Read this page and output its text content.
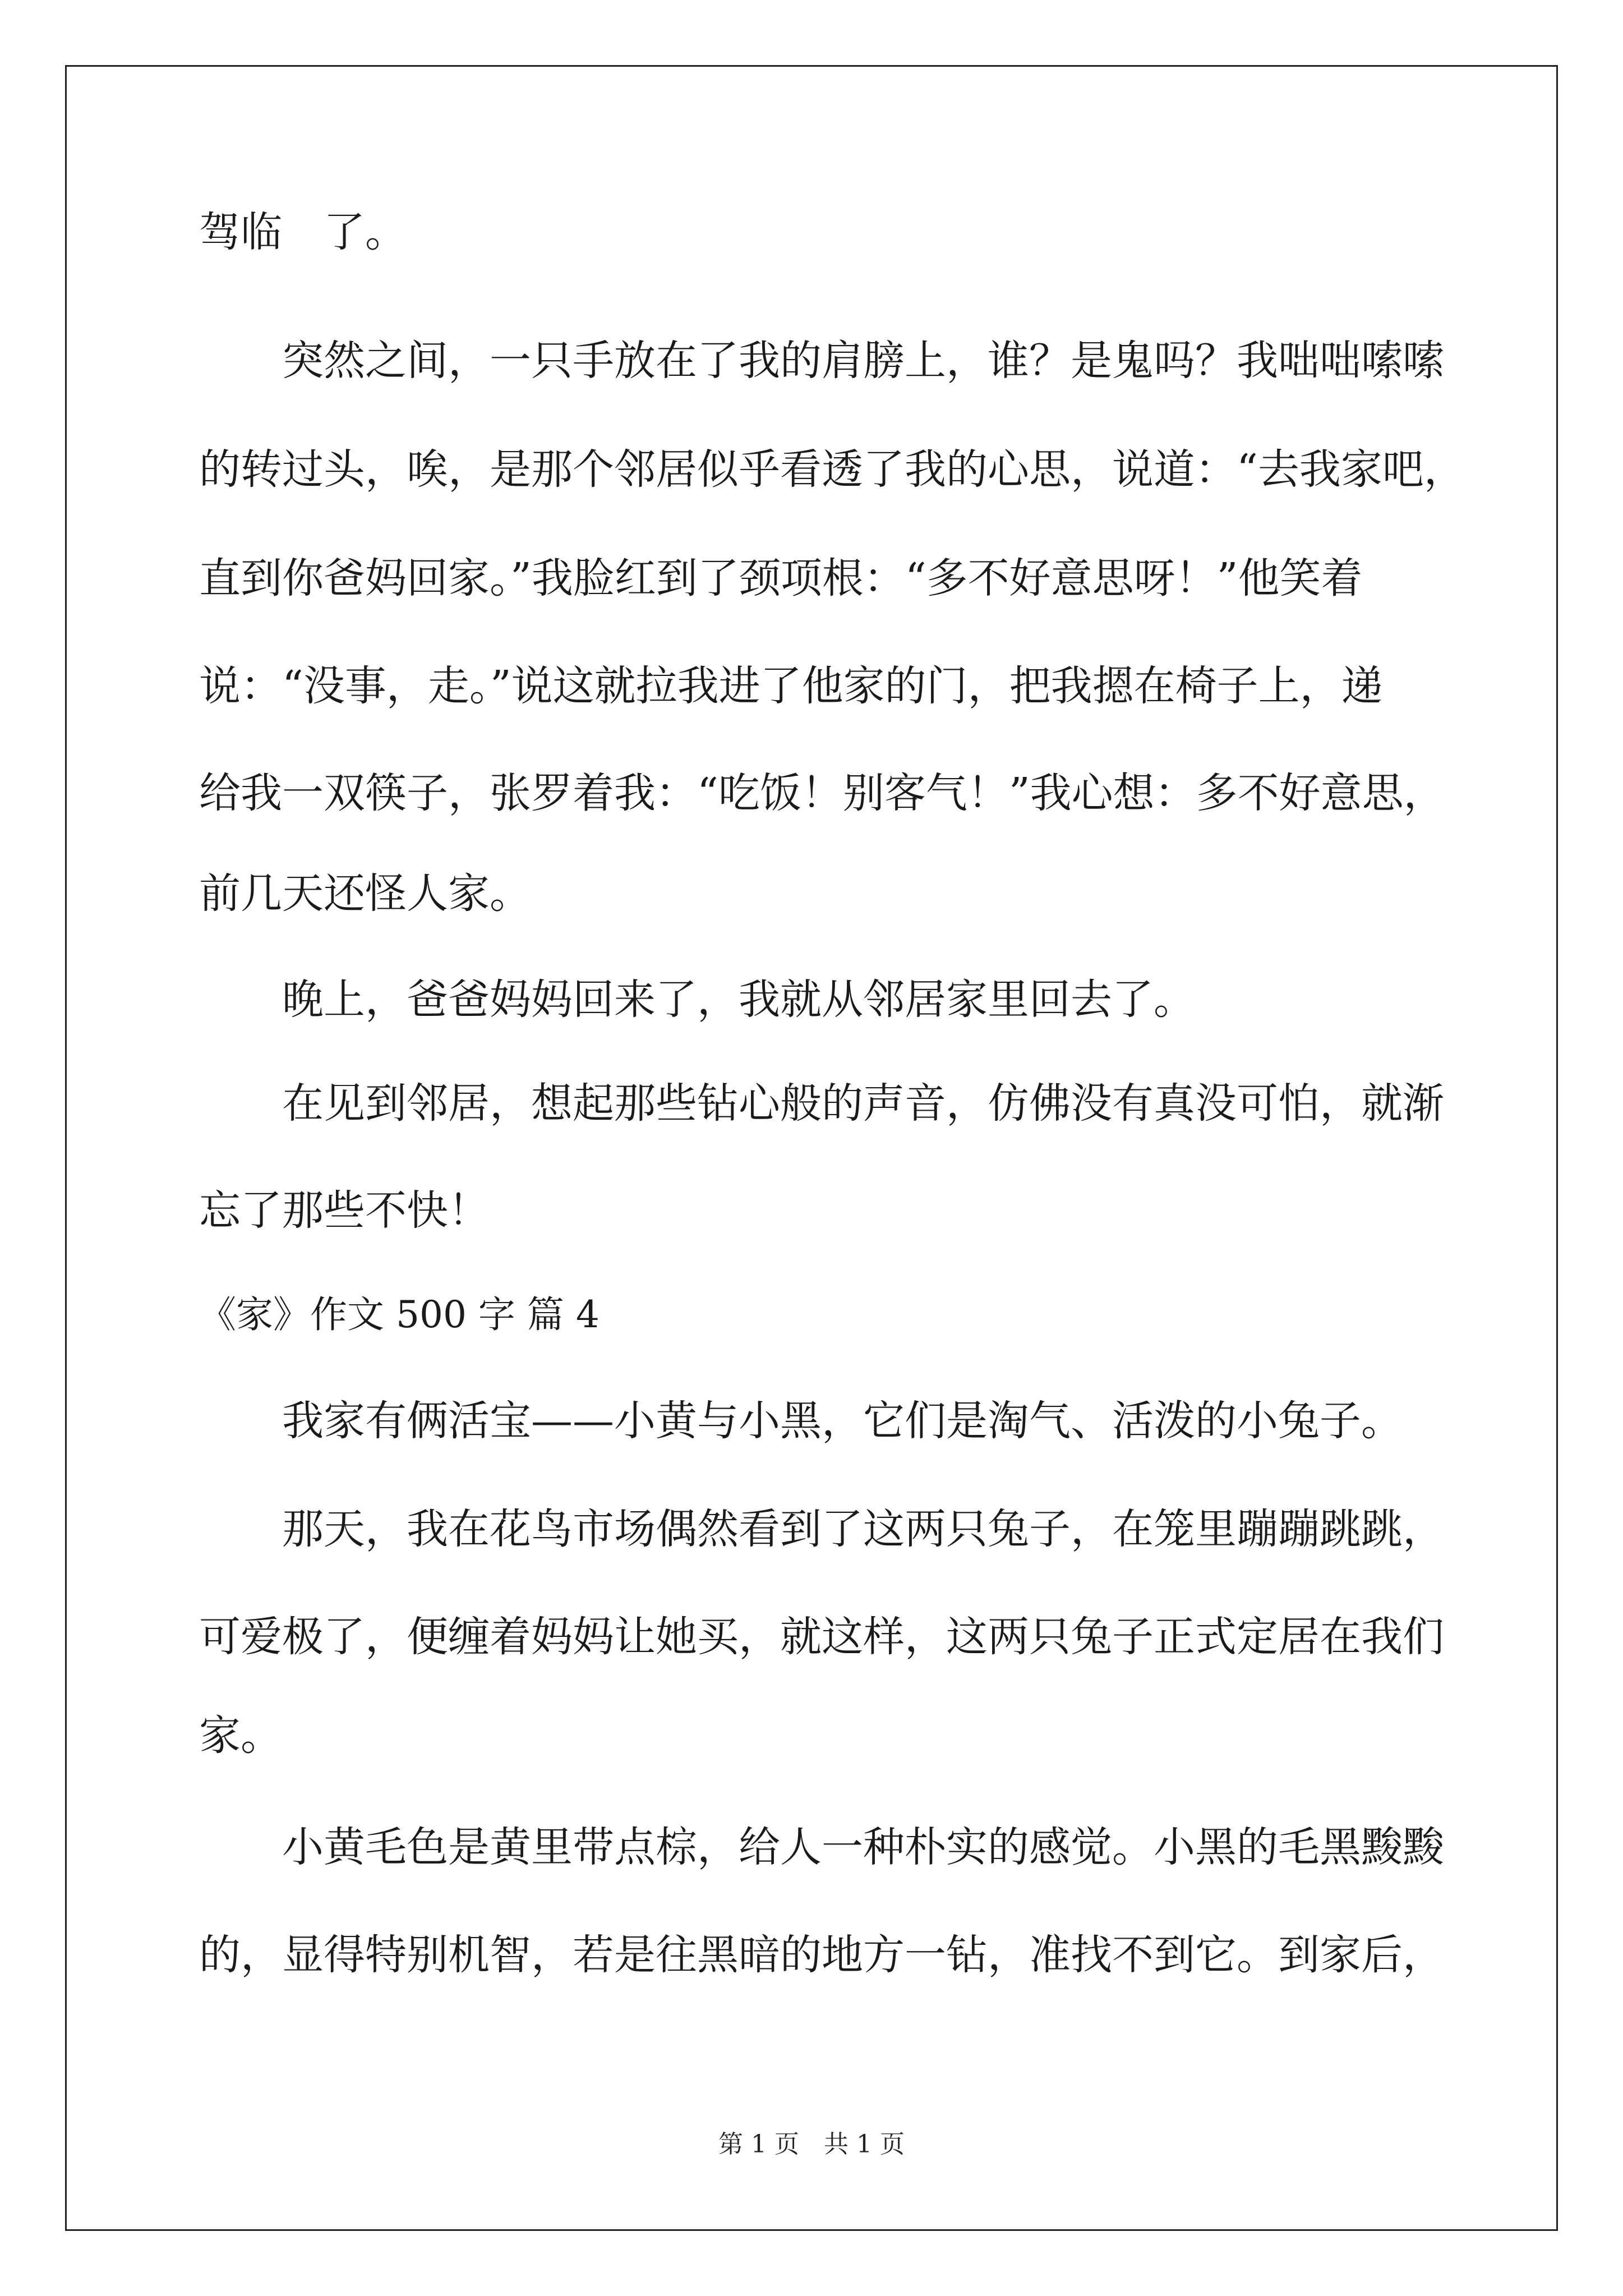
驾临　了。
突然之间，一只手放在了我的肩膀上，谁？是鬼吗？我咄咄嗦嗦
的转过头，唉，是那个邻居似乎看透了我的心思，说道：“去我家吧，
直到你爸妈回家。”我脸红到了颈项根：“多不好意思呀！”他笑着
说：“没事，走。”说这就拉我进了他家的门，把我摁在椅子上，递
给我一双筷子，张罗着我：“吃饭！别客气！”我心想：多不好意思，
前几天还怪人家。
晚上，爸爸妈妈回来了，我就从邻居家里回去了。
在见到邻居，想起那些钻心般的声音，仿佛没有真没可怕，就渐
忘了那些不快！
《家》作文 500 字 篇 4
我家有俩活宝——小黄与小黑，它们是淘气、活泼的小兔子。
那天，我在花鸟市场偶然看到了这两只兔子，在笼里蹦蹦跳跳，
可爱极了，便缠着妈妈让她买，就这样，这两只兔子正式定居在我们
家。
小黄毛色是黄里带点棕，给人一种朴实的感觉。小黑的毛黑黢黢
的，显得特别机智，若是往黑暗的地方一钻，准找不到它。到家后，
第 1 页　共 1 页
